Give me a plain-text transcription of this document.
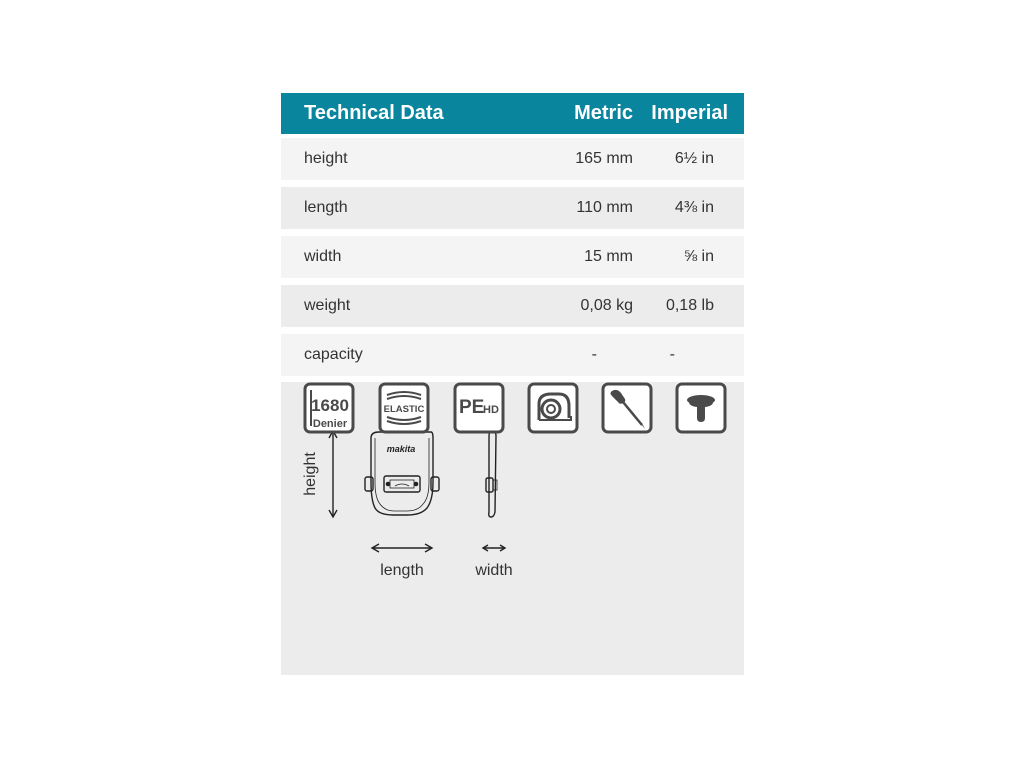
Technical Data	Metric Imperial
height	165 mm	6½ in
length	110 mm	4⅜ in
width	15 mm	⅝ in
weight	0,08 kg	0,18 lb
capacity	-	-
makita
height
length	width
1680
Denier
ELASTIC PE
HD
